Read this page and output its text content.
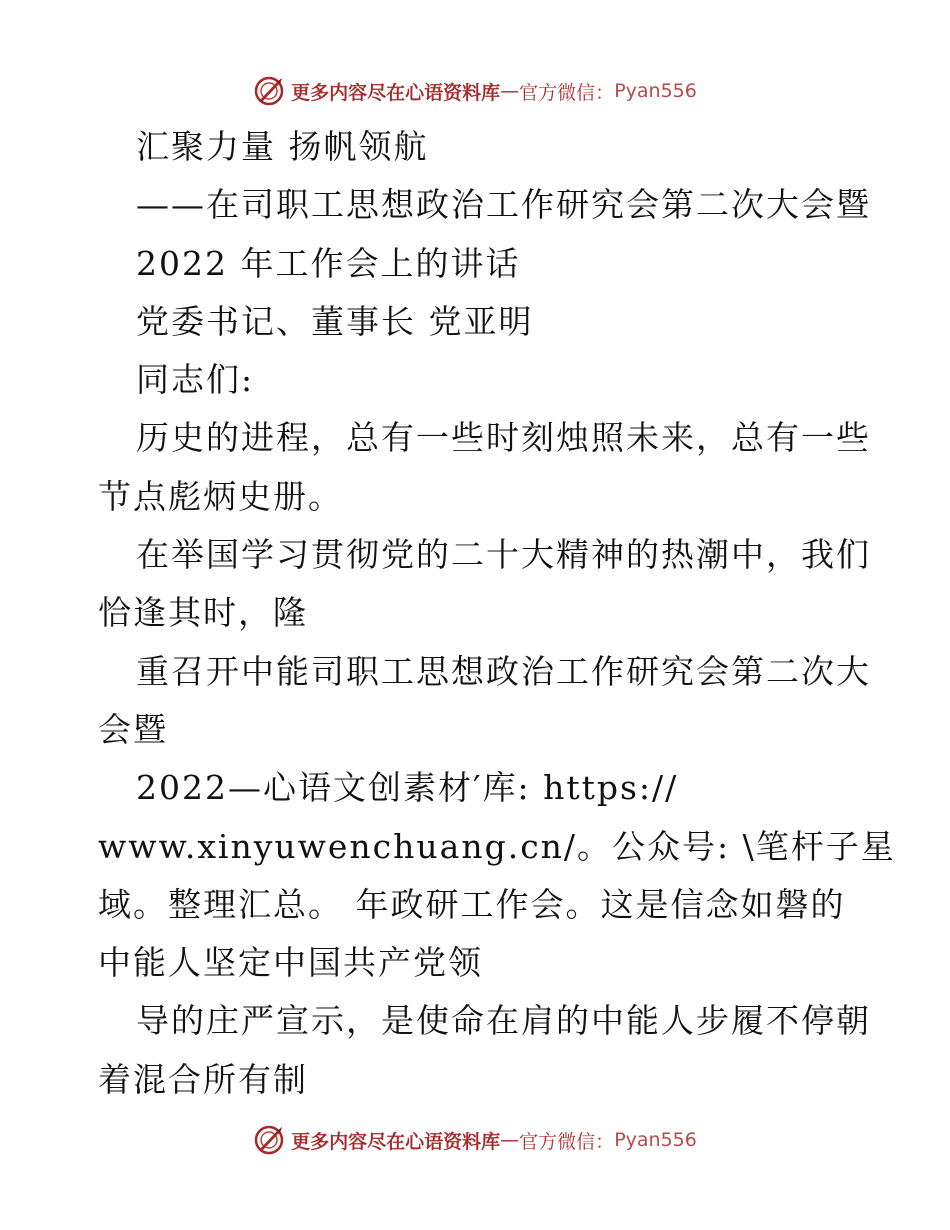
更多内容尽在心语资料库 — 官方微信： Pyan556
汇聚力量 扬帆领航
——在司职工思想政治工作研究会第二次大会暨
2022 年工作会上的讲话
党委书记、董事长 党亚明
同志们:
历史的进程，总有一些时刻烛照未来，总有一些
节点彪炳史册。
在举国学习贯彻党的二十大精神的热潮中，我们
恰逢其时，隆
重召开中能司职工思想政治工作研究会第二次大
会暨
2022—心语文创素材′库: https://
www.xinyuwenchuang.cn/。公众号: \笔杆子星
域。整理汇总。 年政研工作会。这是信念如磐的
中能人坚定中国共产党领
导的庄严宣示，是使命在肩的中能人步履不停朝
着混合所有制
更多内容尽在心语资料库 — 官方微信： Pyan556
